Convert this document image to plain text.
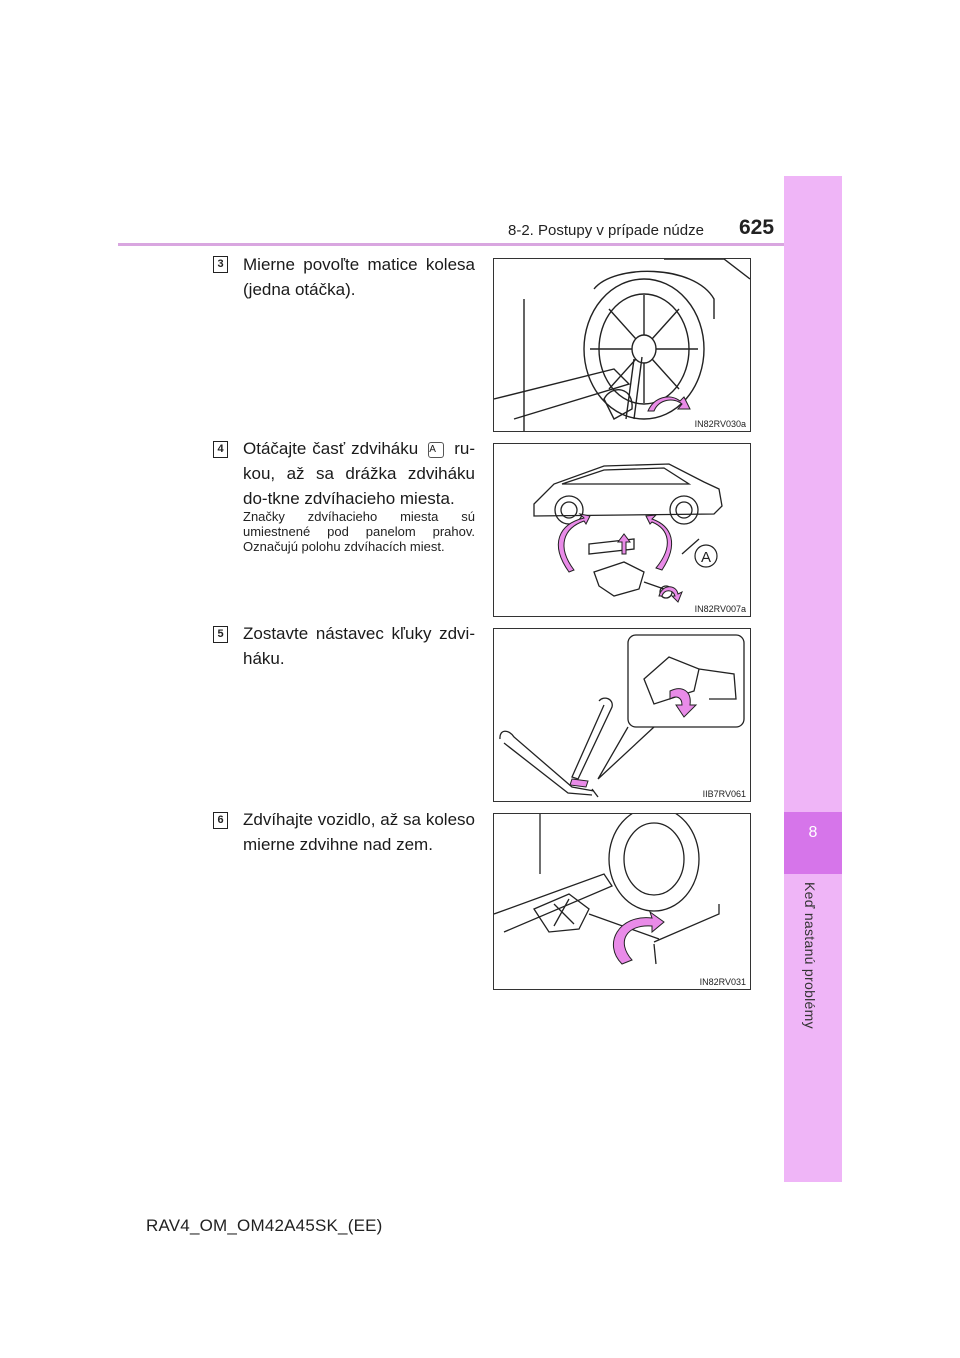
8-2. Postupy v prípade núdze 625
8
Keď nastanú problémy
3 Mierne povoľte matice kolesa (jedna otáčka).
IN82RV030a
4 Otáčajte časť zdviháku A ru-kou, až sa drážka zdviháku do-tkne zdvíhacieho miesta.
Značky zdvíhacieho miesta sú umiestnené pod panelom prahov. Označujú polohu zdvíhacích miest.
A
IN82RV007a
5 Zostavte nástavec kľuky zdvi-háku.
IIB7RV061
6 Zdvíhajte vozidlo, až sa koleso mierne zdvihne nad zem.
IN82RV031
RAV4_OM_OM42A45SK_(EE)
